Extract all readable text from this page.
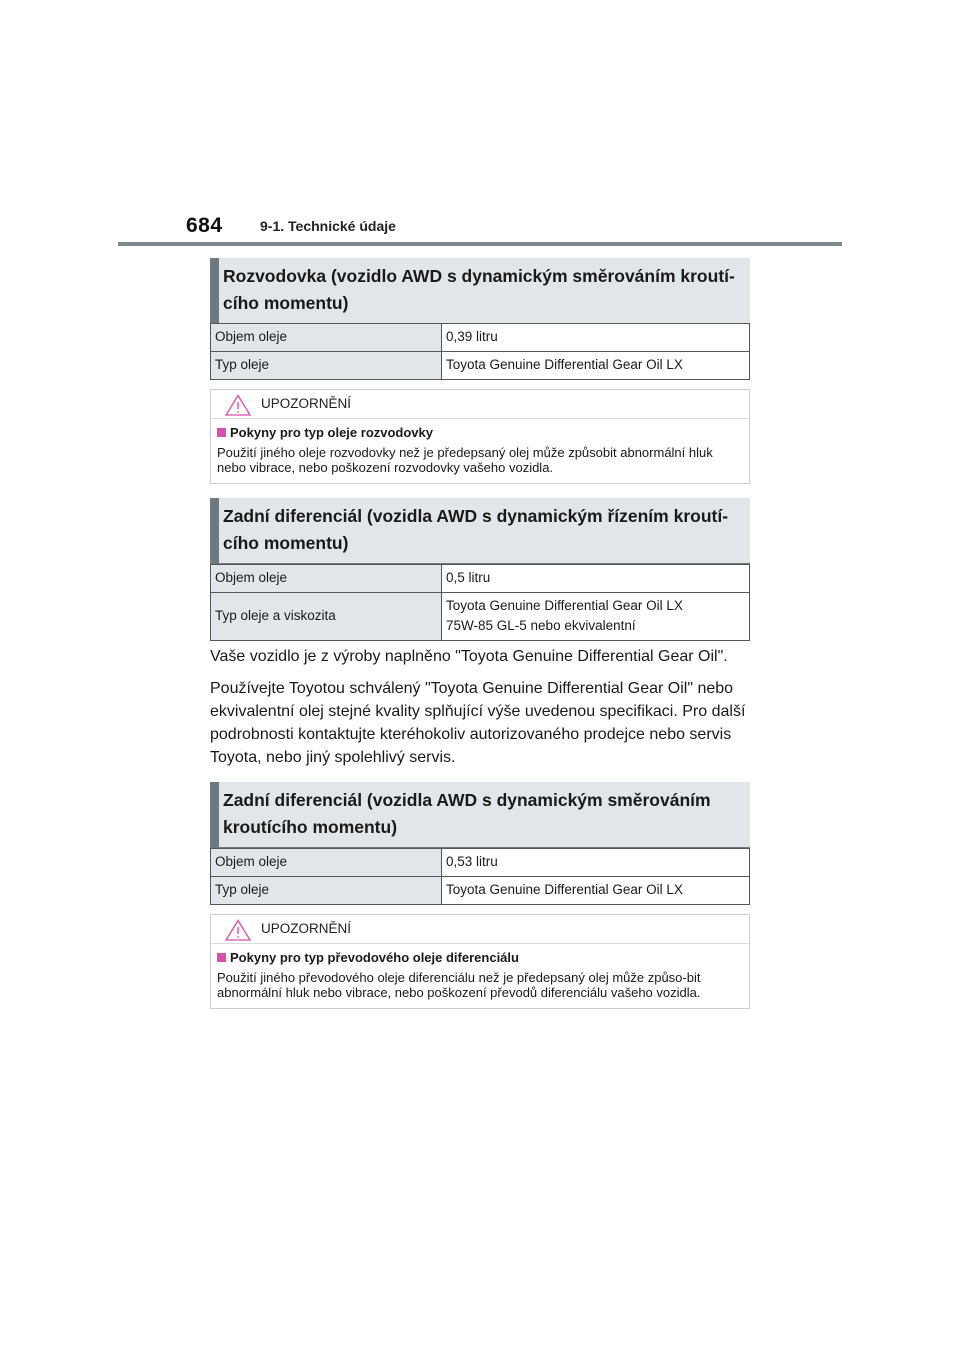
684	9-1. Technické údaje
Rozvodovka (vozidlo AWD s dynamickým směrováním kroutí-cího momentu)
Objem oleje	0,39 litru
Typ oleje	Toyota Genuine Differential Gear Oil LX
UPOZORNĚNÍ
Pokyny pro typ oleje rozvodovky
Použití jiného oleje rozvodovky než je předepsaný olej může způsobit abnormální hluk nebo vibrace, nebo poškození rozvodovky vašeho vozidla.
Zadní diferenciál (vozidla AWD s dynamickým řízením kroutí-cího momentu)
Objem oleje	0,5 litru
Typ oleje a viskozita	Toyota Genuine Differential Gear Oil LX
75W-85 GL-5 nebo ekvivalentní

Vaše vozidlo je z výroby naplněno "Toyota Genuine Differential Gear Oil".

Používejte Toyotou schválený "Toyota Genuine Differential Gear Oil" nebo ekvivalentní olej stejné kvality splňující výše uvedenou specifikaci. Pro další podrobnosti kontaktujte kteréhokoliv autorizovaného prodejce nebo servis Toyota, nebo jiný spolehlivý servis.

Zadní diferenciál (vozidla AWD s dynamickým směrováním kroutícího momentu)
Objem oleje	0,53 litru
Typ oleje	Toyota Genuine Differential Gear Oil LX
UPOZORNĚNÍ
Pokyny pro typ převodového oleje diferenciálu
Použití jiného převodového oleje diferenciálu než je předepsaný olej může způso-bit abnormální hluk nebo vibrace, nebo poškození převodů diferenciálu vašeho vozidla.
